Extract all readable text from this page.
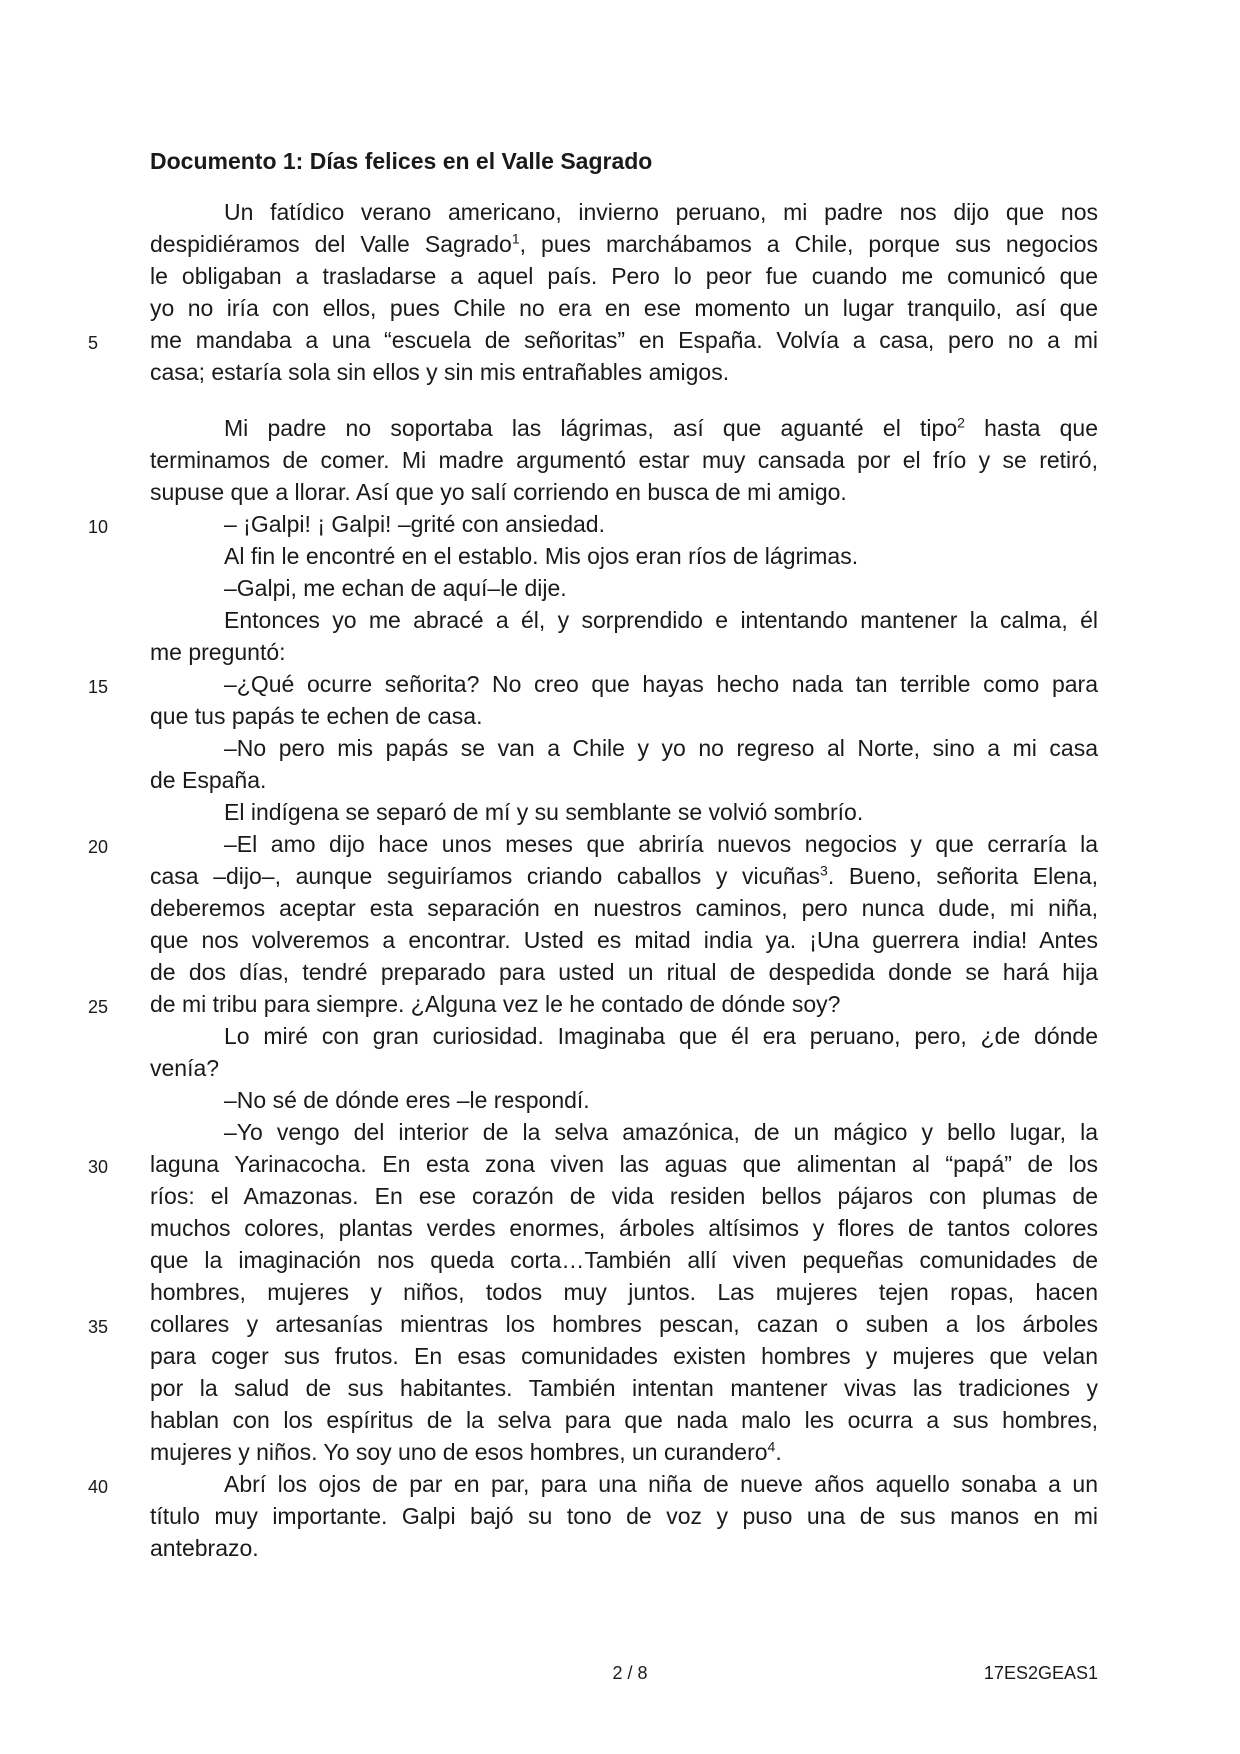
Documento 1: Días felices en el Valle Sagrado
Un fatídico verano americano, invierno peruano, mi padre nos dijo que nos
despidiéramos del Valle Sagrado$^1$, pues marchábamos a Chile, porque sus negocios
le obligaban a trasladarse a aquel país. Pero lo peor fue cuando me comunicó que
yo no iría con ellos, pues Chile no era en ese momento un lugar tranquilo, así que
me mandaba a una “escuela de señoritas” en España. Volvía a casa, pero no a mi
casa; estaría sola sin ellos y sin mis entrañables amigos.
Mi padre no soportaba las lágrimas, así que aguanté el tipo$^2$ hasta que
terminamos de comer. Mi madre argumentó estar muy cansada por el frío y se retiró,
supuse que a llorar. Así que yo salí corriendo en busca de mi amigo.
– ¡Galpi! ¡ Galpi! –grité con ansiedad.
Al fin le encontré en el establo. Mis ojos eran ríos de lágrimas.
–Galpi, me echan de aquí–le dije.
Entonces yo me abracé a él, y sorprendido e intentando mantener la calma, él
me preguntó:
–¿Qué ocurre señorita? No creo que hayas hecho nada tan terrible como para
que tus papás te echen de casa.
–No pero mis papás se van a Chile y yo no regreso al Norte, sino a mi casa
de España.
El indígena se separó de mí y su semblante se volvió sombrío.
–El amo dijo hace unos meses que abriría nuevos negocios y que cerraría la
casa –dijo–, aunque seguiríamos criando caballos y vicuñas$^3$. Bueno, señorita Elena,
deberemos aceptar esta separación en nuestros caminos, pero nunca dude, mi niña,
que nos volveremos a encontrar. Usted es mitad india ya. ¡Una guerrera india! Antes
de dos días, tendré preparado para usted un ritual de despedida donde se hará hija
de mi tribu para siempre. ¿Alguna vez le he contado de dónde soy?
Lo miré con gran curiosidad. Imaginaba que él era peruano, pero, ¿de dónde
venía?
–No sé de dónde eres –le respondí.
–Yo vengo del interior de la selva amazónica, de un mágico y bello lugar, la
laguna Yarinacocha. En esta zona viven las aguas que alimentan al “papá” de los
ríos: el Amazonas. En ese corazón de vida residen bellos pájaros con plumas de
muchos colores, plantas verdes enormes, árboles altísimos y flores de tantos colores
que la imaginación nos queda corta…También allí viven pequeñas comunidades de
hombres, mujeres y niños, todos muy juntos. Las mujeres tejen ropas, hacen
collares y artesanías mientras los hombres pescan, cazan o suben a los árboles
para coger sus frutos. En esas comunidades existen hombres y mujeres que velan
por la salud de sus habitantes. También intentan mantener vivas las tradiciones y
hablan con los espíritus de la selva para que nada malo les ocurra a sus hombres,
mujeres y niños. Yo soy uno de esos hombres, un curandero$^4$.
Abrí los ojos de par en par, para una niña de nueve años aquello sonaba a un
título muy importante. Galpi bajó su tono de voz y puso una de sus manos en mi
antebrazo.
5
10
15
20
25
30
35
40
2 / 8	17ES2GEAS1
